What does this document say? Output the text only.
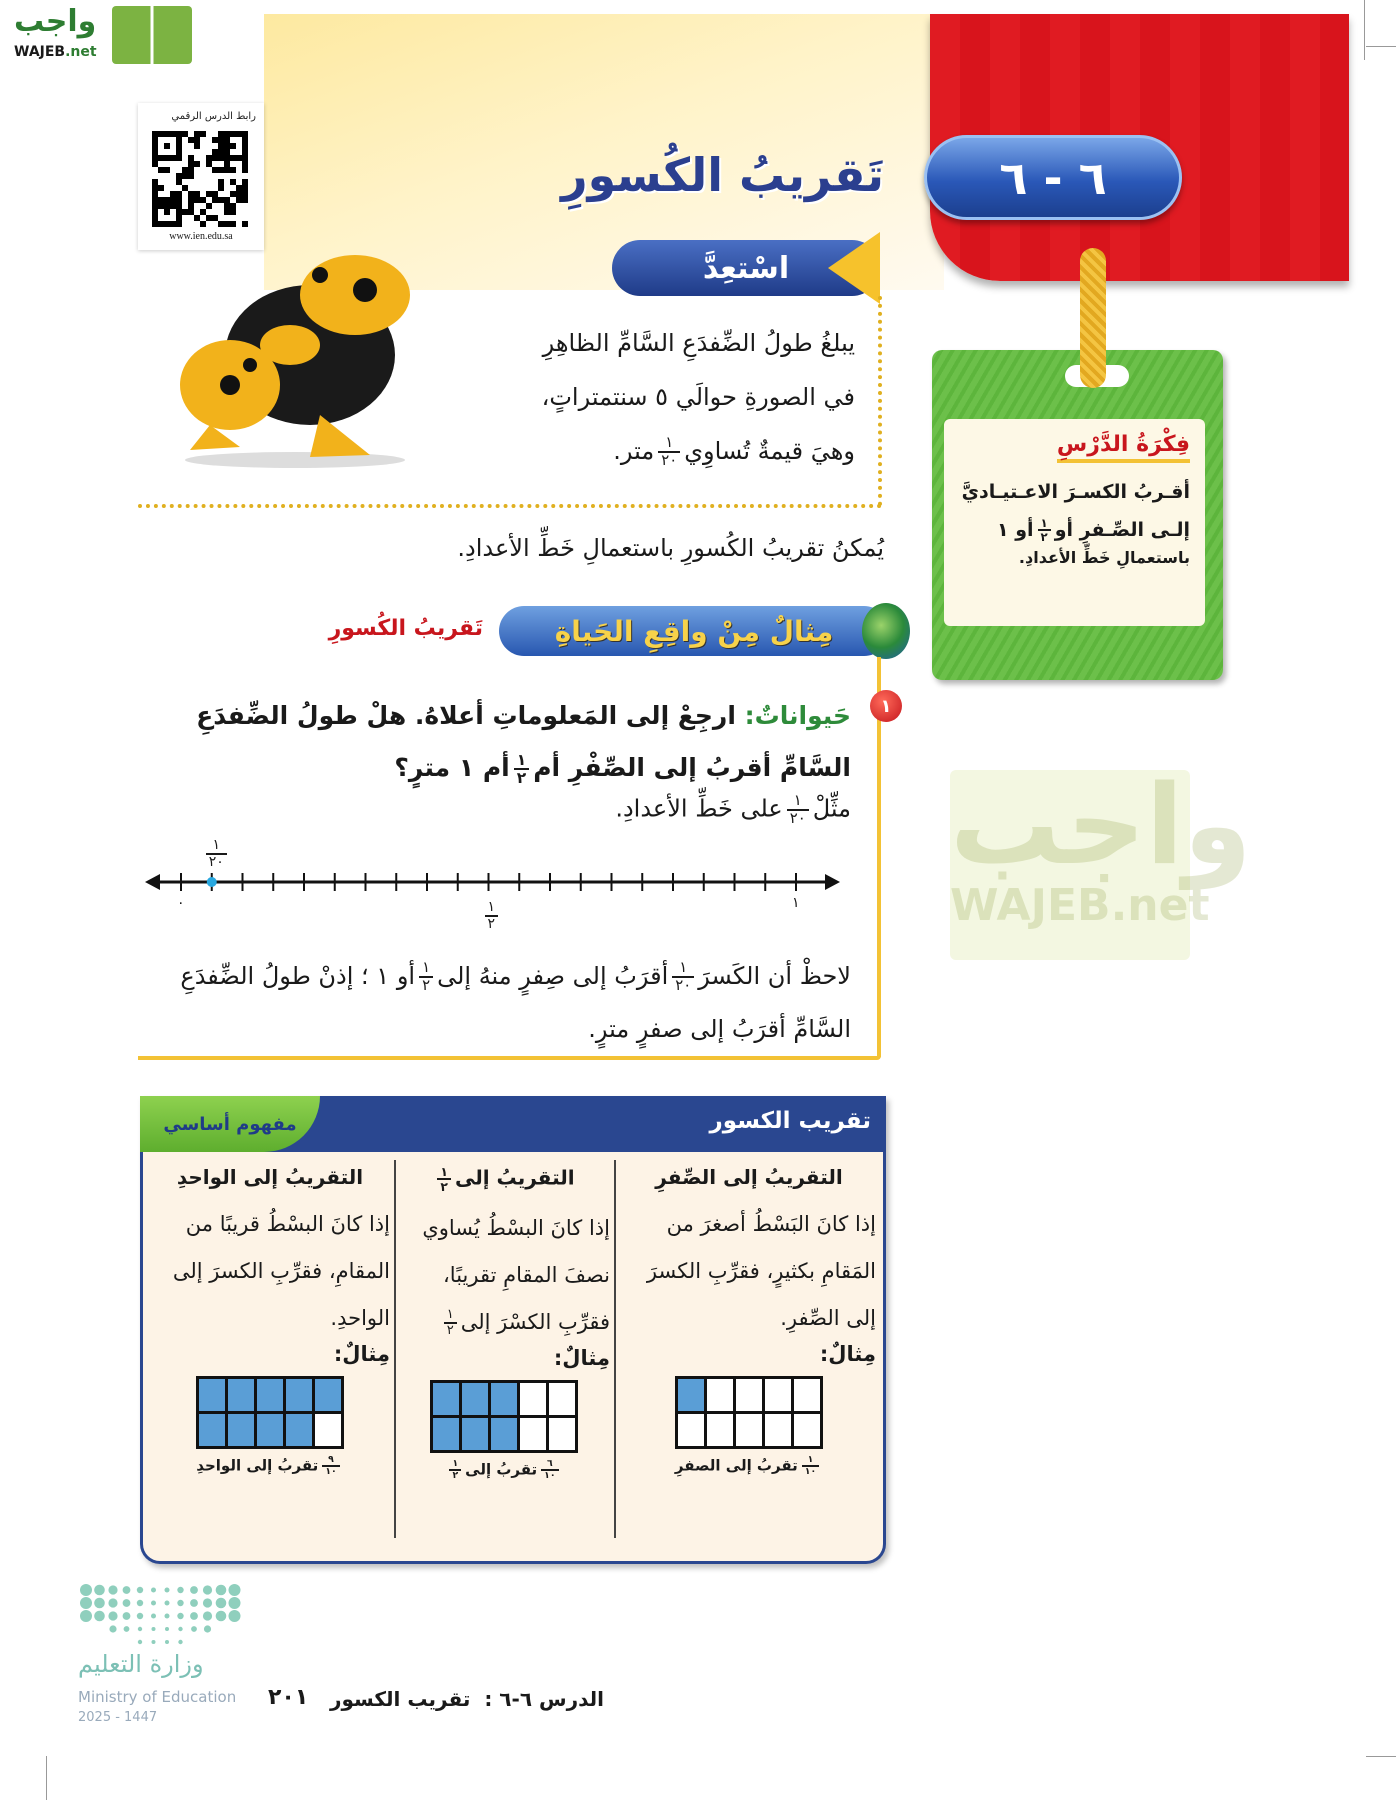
واجب
WAJEB.net
رابط الدرس الرقمي
www.ien.edu.sa
٦ - ٦
تَقريبُ الكُسورِ
اسْتعِدَّ
يبلغُ طولُ الضِّفدَعِ السَّامِّ الظاهِرِ
في الصورةِ حوالَي ٥ سنتمتراتٍ،
وهيَ قيمةٌ تُساوِي
$\frac{١}{٢٠}$
متر.
يُمكنُ تقريبُ الكُسورِ باستعمالِ خَطِّ الأعدادِ.
فِكْرَةُ الدَّرْسِ
أقـربُ الكسـرَ الاعـتيـاديَّ
إلـى الصِّـفرِ أو
$\frac{١}{٢}$
أو ١
باستعمالِ خَطِّ الأعدادِ.
واجب
WAJEB.net
مِثالٌ مِنْ واقِعِ الحَياةِ
تَقريبُ الكُسورِ
١
حَيواناتٌ: ارجِعْ إلى المَعلوماتِ أعلاهُ. هلْ طولُ الضِّفدَعِ السَّامِّ أقربُ إلى الصِّفْرِ أم
$\frac{١}{٢}$
أم ١ مترٍ؟
مثِّلْ
$\frac{١}{٢٠}$
على خَطِّ الأعدادِ.
٠	١
١
٢
١
٢٠
لاحظْ أن الكَسرَ
$\frac{١}{٢٠}$
أقرَبُ إلى صِفرٍ منهُ إلى
$\frac{١}{٢}$
أو ١ ؛ إذنْ طولُ الضِّفدَعِ السَّامِّ أقرَبُ إلى صفرٍ مترٍ.
تقريب الكسور
مفهوم أساسي
التقريبُ إلى الصِّفرِ

إذا كانَ البَسْطُ أصغرَ من المَقامِ بكثيرٍ، فقرِّبِ الكسرَ إلى الصِّفرِ.

مِثالٌ:
$\frac{١}{١٠}$
تقربُ إلى الصفرِ
التقريبُ إلى
$\frac{١}{٢}$

إذا كانَ البسْطُ يُساوي نصفَ المقامِ تقريبًا، فقرِّبِ الكسْرَ إلى
$\frac{١}{٢}$

مِثالٌ:
$\frac{٦}{١٠}$
تقربُ إلى
$\frac{١}{٢}$
التقريبُ إلى الواحدِ

إذا كانَ البسْطُ قريبًا من المقامِ، فقرِّبِ الكسرَ إلى الواحدِ.

مِثالٌ:
$\frac{٩}{١٠}$
تقربُ إلى الواحدِ
وزارة التعليم
Ministry of Education
2025 - 1447
٢٠١	الدرس ٦-٦ :  تقريب الكسور
